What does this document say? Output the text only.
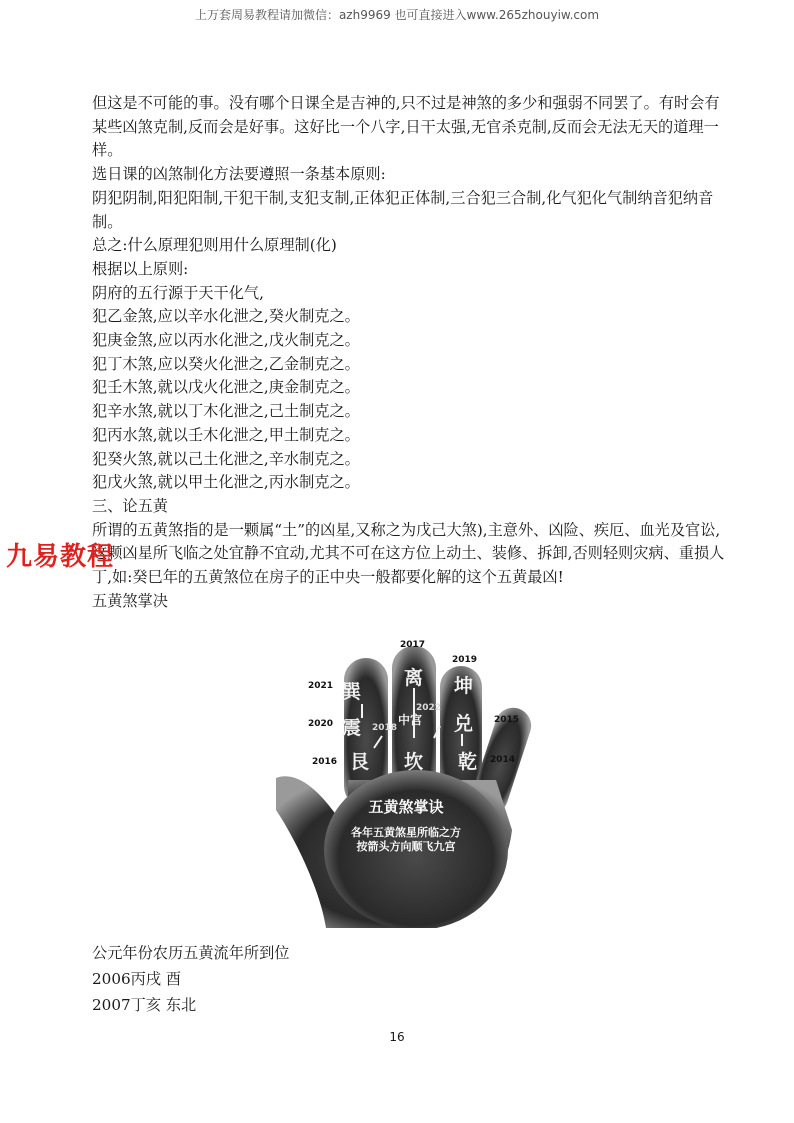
上万套周易教程请加微信：azh9969 也可直接进入www.265zhouyiw.com

但这是不可能的事。没有哪个日课全是吉神的,只不过是神煞的多少和强弱不同罢了。有时会有某些凶煞克制,反而会是好事。这好比一个八字,日干太强,无官杀克制,反而会无法无天的道理一样。

选日课的凶煞制化方法要遵照一条基本原则:

阴犯阴制,阳犯阳制,干犯干制,支犯支制,正体犯正体制,三合犯三合制,化气犯化气制纳音犯纳音制。

总之:什么原理犯则用什么原理制(化)

根据以上原则:

阴府的五行源于天干化气,

犯乙金煞,应以辛水化泄之,癸火制克之。

犯庚金煞,应以丙水化泄之,戊火制克之。

犯丁木煞,应以癸火化泄之,乙金制克之。

犯壬木煞,就以戊火化泄之,庚金制克之。

犯辛水煞,就以丁木化泄之,己土制克之。

犯丙水煞,就以壬木化泄之,甲土制克之。

犯癸火煞,就以己土化泄之,辛水制克之。

犯戊火煞,就以甲土化泄之,丙水制克之。

三、论五黄

所谓的五黄煞指的是一颗属“土”的凶星,又称之为戊己大煞),主意外、凶险、疾厄、血光及官讼,这颗凶星所飞临之处宜静不宜动,尤其不可在这方位上动土、装修、拆卸,否则轻则灾病、重损人丁,如:癸巳年的五黄煞位在房子的正中央一般都要化解的这个五黄最凶!

五黄煞掌决

九易教程
2017
2019
2021
2020
2022
2018
2015
2016	2014
离 坤
巽
震	中宫 兑
艮 坎 乾
五黄煞掌诀
各年五黄煞星所临之方
按箭头方向顺飞九宫

公元年份农历五黄流年所到位

2006丙戌 酉

2007丁亥 东北

16
